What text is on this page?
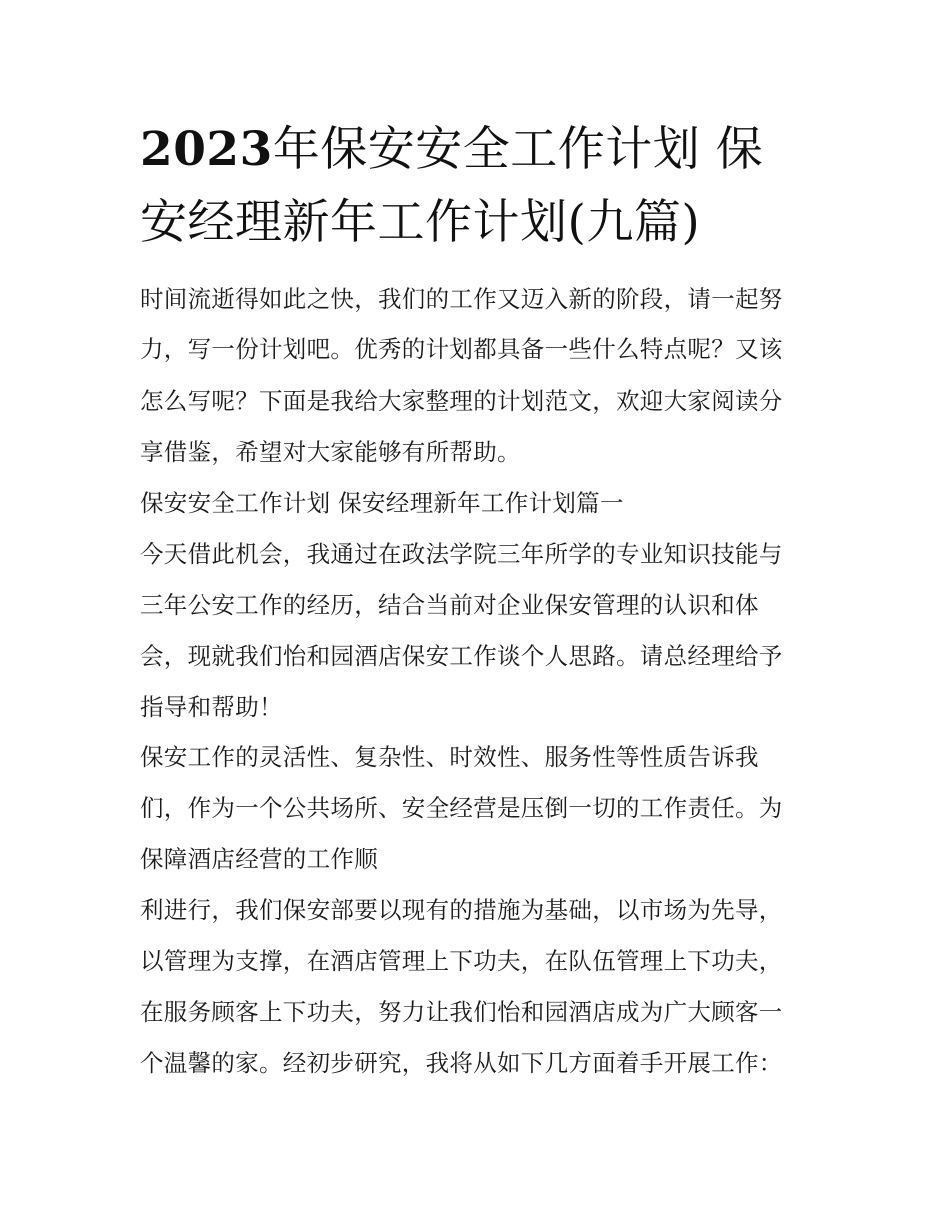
2023年保安安全工作计划 保
安经理新年工作计划(九篇)
时间流逝得如此之快，我们的工作又迈入新的阶段，请一起努
力，写一份计划吧。优秀的计划都具备一些什么特点呢？又该
怎么写呢？下面是我给大家整理的计划范文，欢迎大家阅读分
享借鉴，希望对大家能够有所帮助。
保安安全工作计划 保安经理新年工作计划篇一
今天借此机会，我通过在政法学院三年所学的专业知识技能与
三年公安工作的经历，结合当前对企业保安管理的认识和体
会，现就我们怡和园酒店保安工作谈个人思路。请总经理给予
指导和帮助！
保安工作的灵活性、复杂性、时效性、服务性等性质告诉我
们，作为一个公共场所、安全经营是压倒一切的工作责任。为
保障酒店经营的工作顺
利进行，我们保安部要以现有的措施为基础，以市场为先导，
以管理为支撑，在酒店管理上下功夫，在队伍管理上下功夫，
在服务顾客上下功夫，努力让我们怡和园酒店成为广大顾客一
个温馨的家。经初步研究，我将从如下几方面着手开展工作：
